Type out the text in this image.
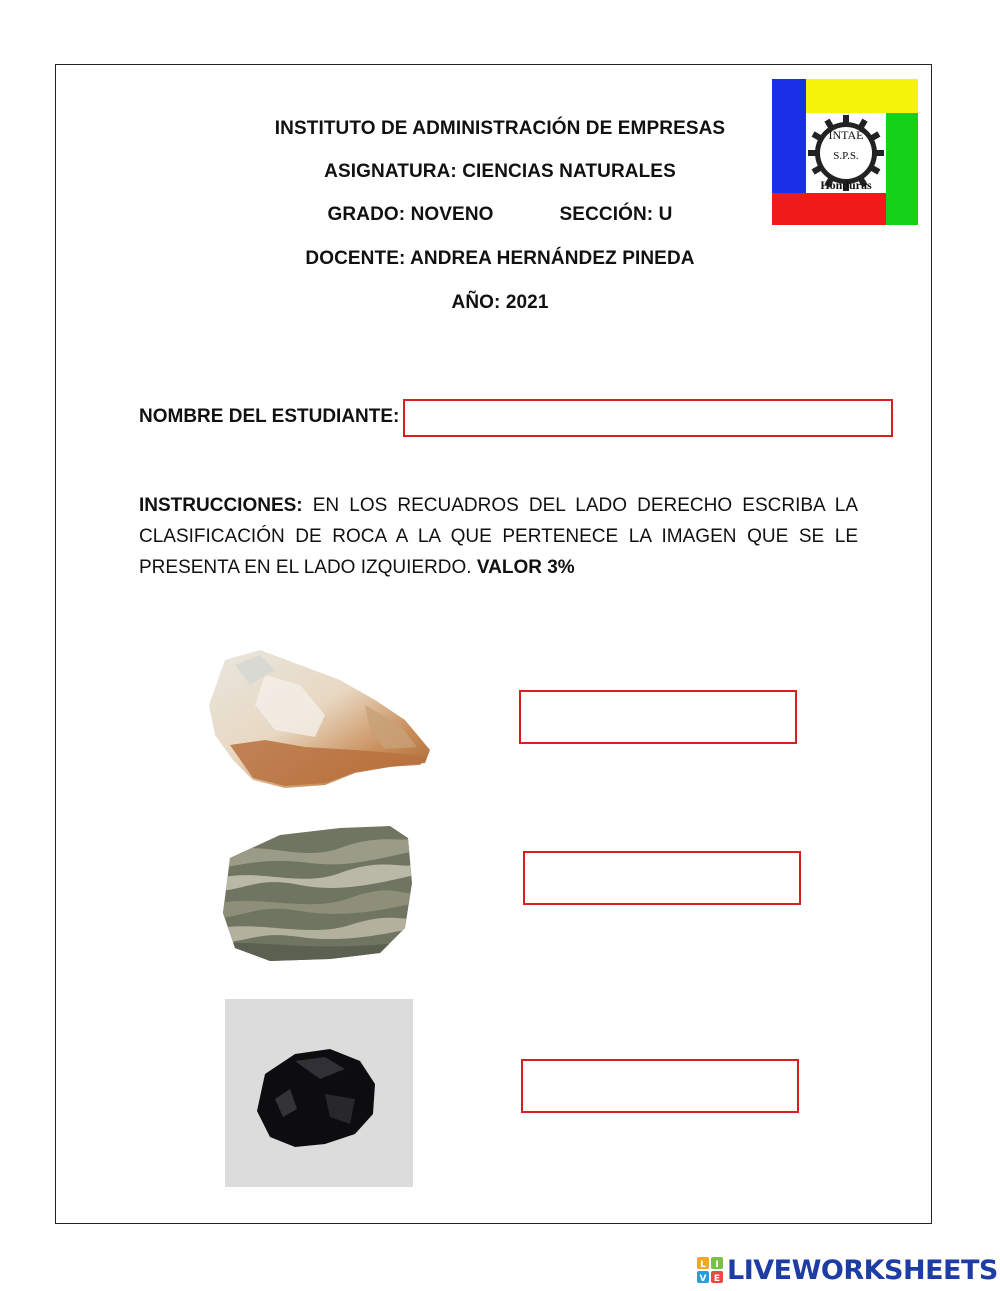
INSTITUTO DE ADMINISTRACIÓN DE EMPRESAS
ASIGNATURA: CIENCIAS NATURALES
GRADO: NOVENO	SECCIÓN: U
DOCENTE: ANDREA HERNÁNDEZ PINEDA
AÑO: 2021
INTAE
S.P.S.
Honduras
NOMBRE DEL ESTUDIANTE:
INSTRUCCIONES: EN LOS RECUADROS DEL LADO DERECHO ESCRIBA LA CLASIFICACIÓN DE ROCA A LA QUE PERTENECE LA IMAGEN QUE SE LE PRESENTA EN EL LADO IZQUIERDO. VALOR 3%
L I
V E LIVEWORKSHEETS
